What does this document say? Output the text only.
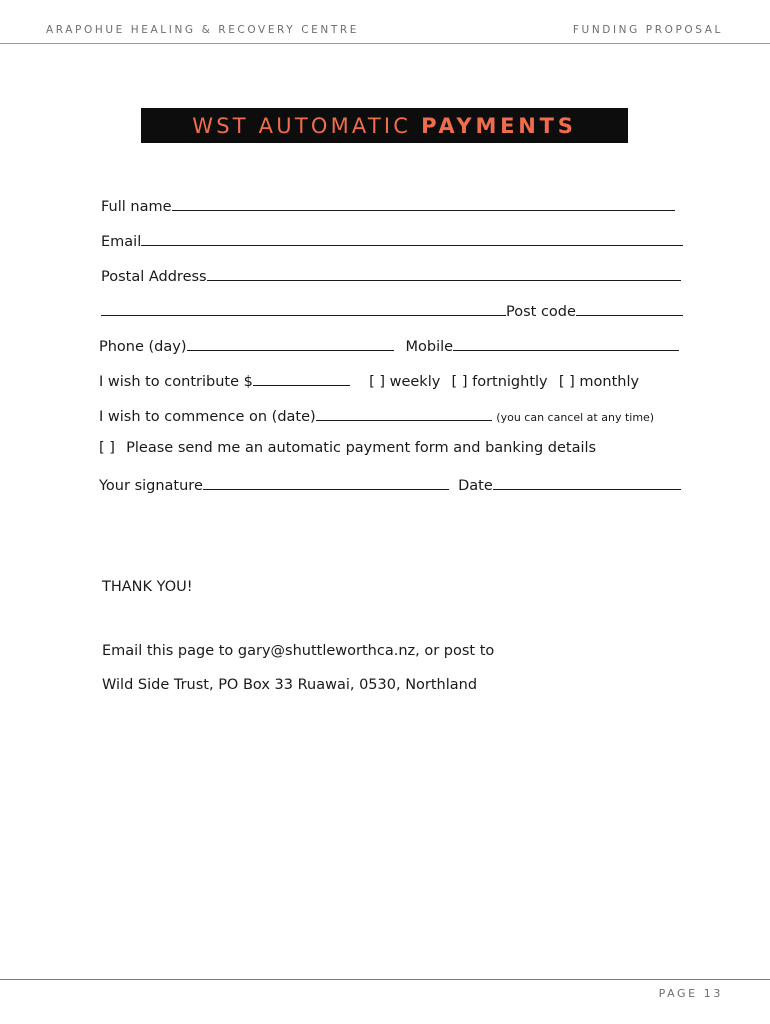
ARAPOHUE HEALING & RECOVERY CENTRE	FUNDING PROPOSAL
WST AUTOMATIC PAYMENTS
Full name
Email
Postal Address
Post code
Phone (day)	Mobile
I wish to contribute $	[ ] weekly [ ] fortnightly [ ] monthly
I wish to commence on (date)	(you can cancel at any time)
[ ] Please send me an automatic payment form and banking details
Your signature	Date
THANK YOU!
Email this page to gary@shuttleworthca.nz, or post to
Wild Side Trust, PO Box 33 Ruawai, 0530, Northland
PAGE 13
